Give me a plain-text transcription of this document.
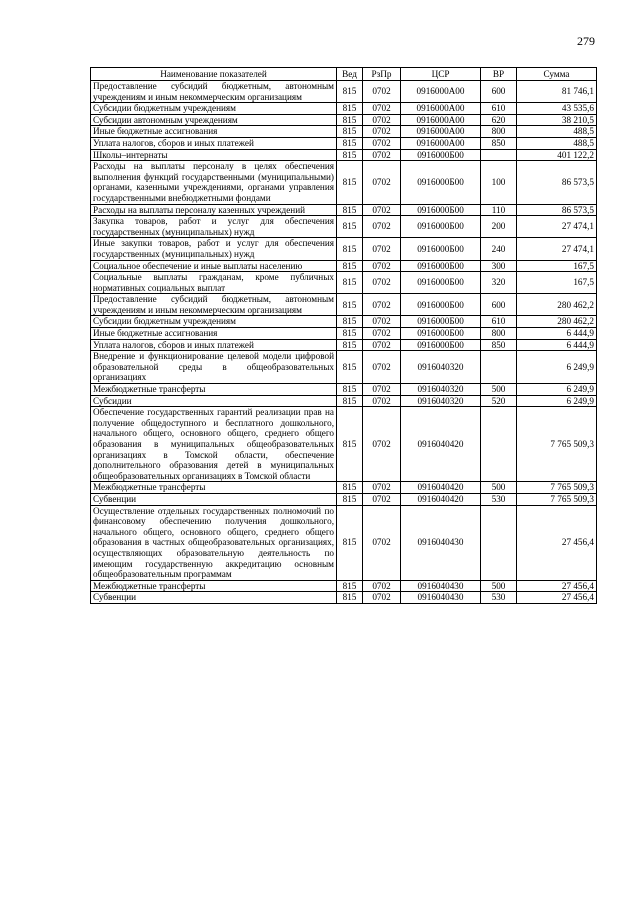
279
Наименование показателей	Вед	РзПр	ЦСР	ВР	Сумма
Предоставление субсидий бюджетным, автономным учреждениям и иным некоммерческим организациям	815	0702	0916000А00	600	81 746,1
Субсидии бюджетным учреждениям	815	0702	0916000А00	610	43 535,6
Субсидии автономным учреждениям	815	0702	0916000А00	620	38 210,5
Иные бюджетные ассигнования	815	0702	0916000А00	800	488,5
Уплата налогов, сборов и иных платежей	815	0702	0916000А00	850	488,5
Школы–интернаты	815	0702	0916000Б00		401 122,2
Расходы на выплаты персоналу в целях обеспечения выполнения функций государственными (муниципальными) органами, казенными учреждениями, органами управления государственными внебюджетными фондами	815	0702	0916000Б00	100	86 573,5
Расходы на выплаты персоналу казенных учреждений	815	0702	0916000Б00	110	86 573,5
Закупка товаров, работ и услуг для обеспечения государственных (муниципальных) нужд	815	0702	0916000Б00	200	27 474,1
Иные закупки товаров, работ и услуг для обеспечения государственных (муниципальных) нужд	815	0702	0916000Б00	240	27 474,1
Социальное обеспечение и иные выплаты населению	815	0702	0916000Б00	300	167,5
Социальные выплаты гражданам, кроме публичных нормативных социальных выплат	815	0702	0916000Б00	320	167,5
Предоставление субсидий бюджетным, автономным учреждениям и иным некоммерческим организациям	815	0702	0916000Б00	600	280 462,2
Субсидии бюджетным учреждениям	815	0702	0916000Б00	610	280 462,2
Иные бюджетные ассигнования	815	0702	0916000Б00	800	6 444,9
Уплата налогов, сборов и иных платежей	815	0702	0916000Б00	850	6 444,9
Внедрение и функционирование целевой модели цифровой образовательной среды в общеобразовательных организациях	815	0702	0916040320		6 249,9
Межбюджетные трансферты	815	0702	0916040320	500	6 249,9
Субсидии	815	0702	0916040320	520	6 249,9
Обеспечение государственных гарантий реализации прав на получение общедоступного и бесплатного дошкольного, начального общего, основного общего, среднего общего образования в муниципальных общеобразовательных организациях в Томской области, обеспечение дополнительного образования детей в муниципальных общеобразовательных организациях в Томской области	815	0702	0916040420		7 765 509,3
Межбюджетные трансферты	815	0702	0916040420	500	7 765 509,3
Субвенции	815	0702	0916040420	530	7 765 509,3
Осуществление отдельных государственных полномочий по финансовому обеспечению получения дошкольного, начального общего, основного общего, среднего общего образования в частных общеобразовательных организациях, осуществляющих образовательную деятельность по имеющим государственную аккредитацию основным общеобразовательным программам	815	0702	0916040430		27 456,4
Межбюджетные трансферты	815	0702	0916040430	500	27 456,4
Субвенции	815	0702	0916040430	530	27 456,4
